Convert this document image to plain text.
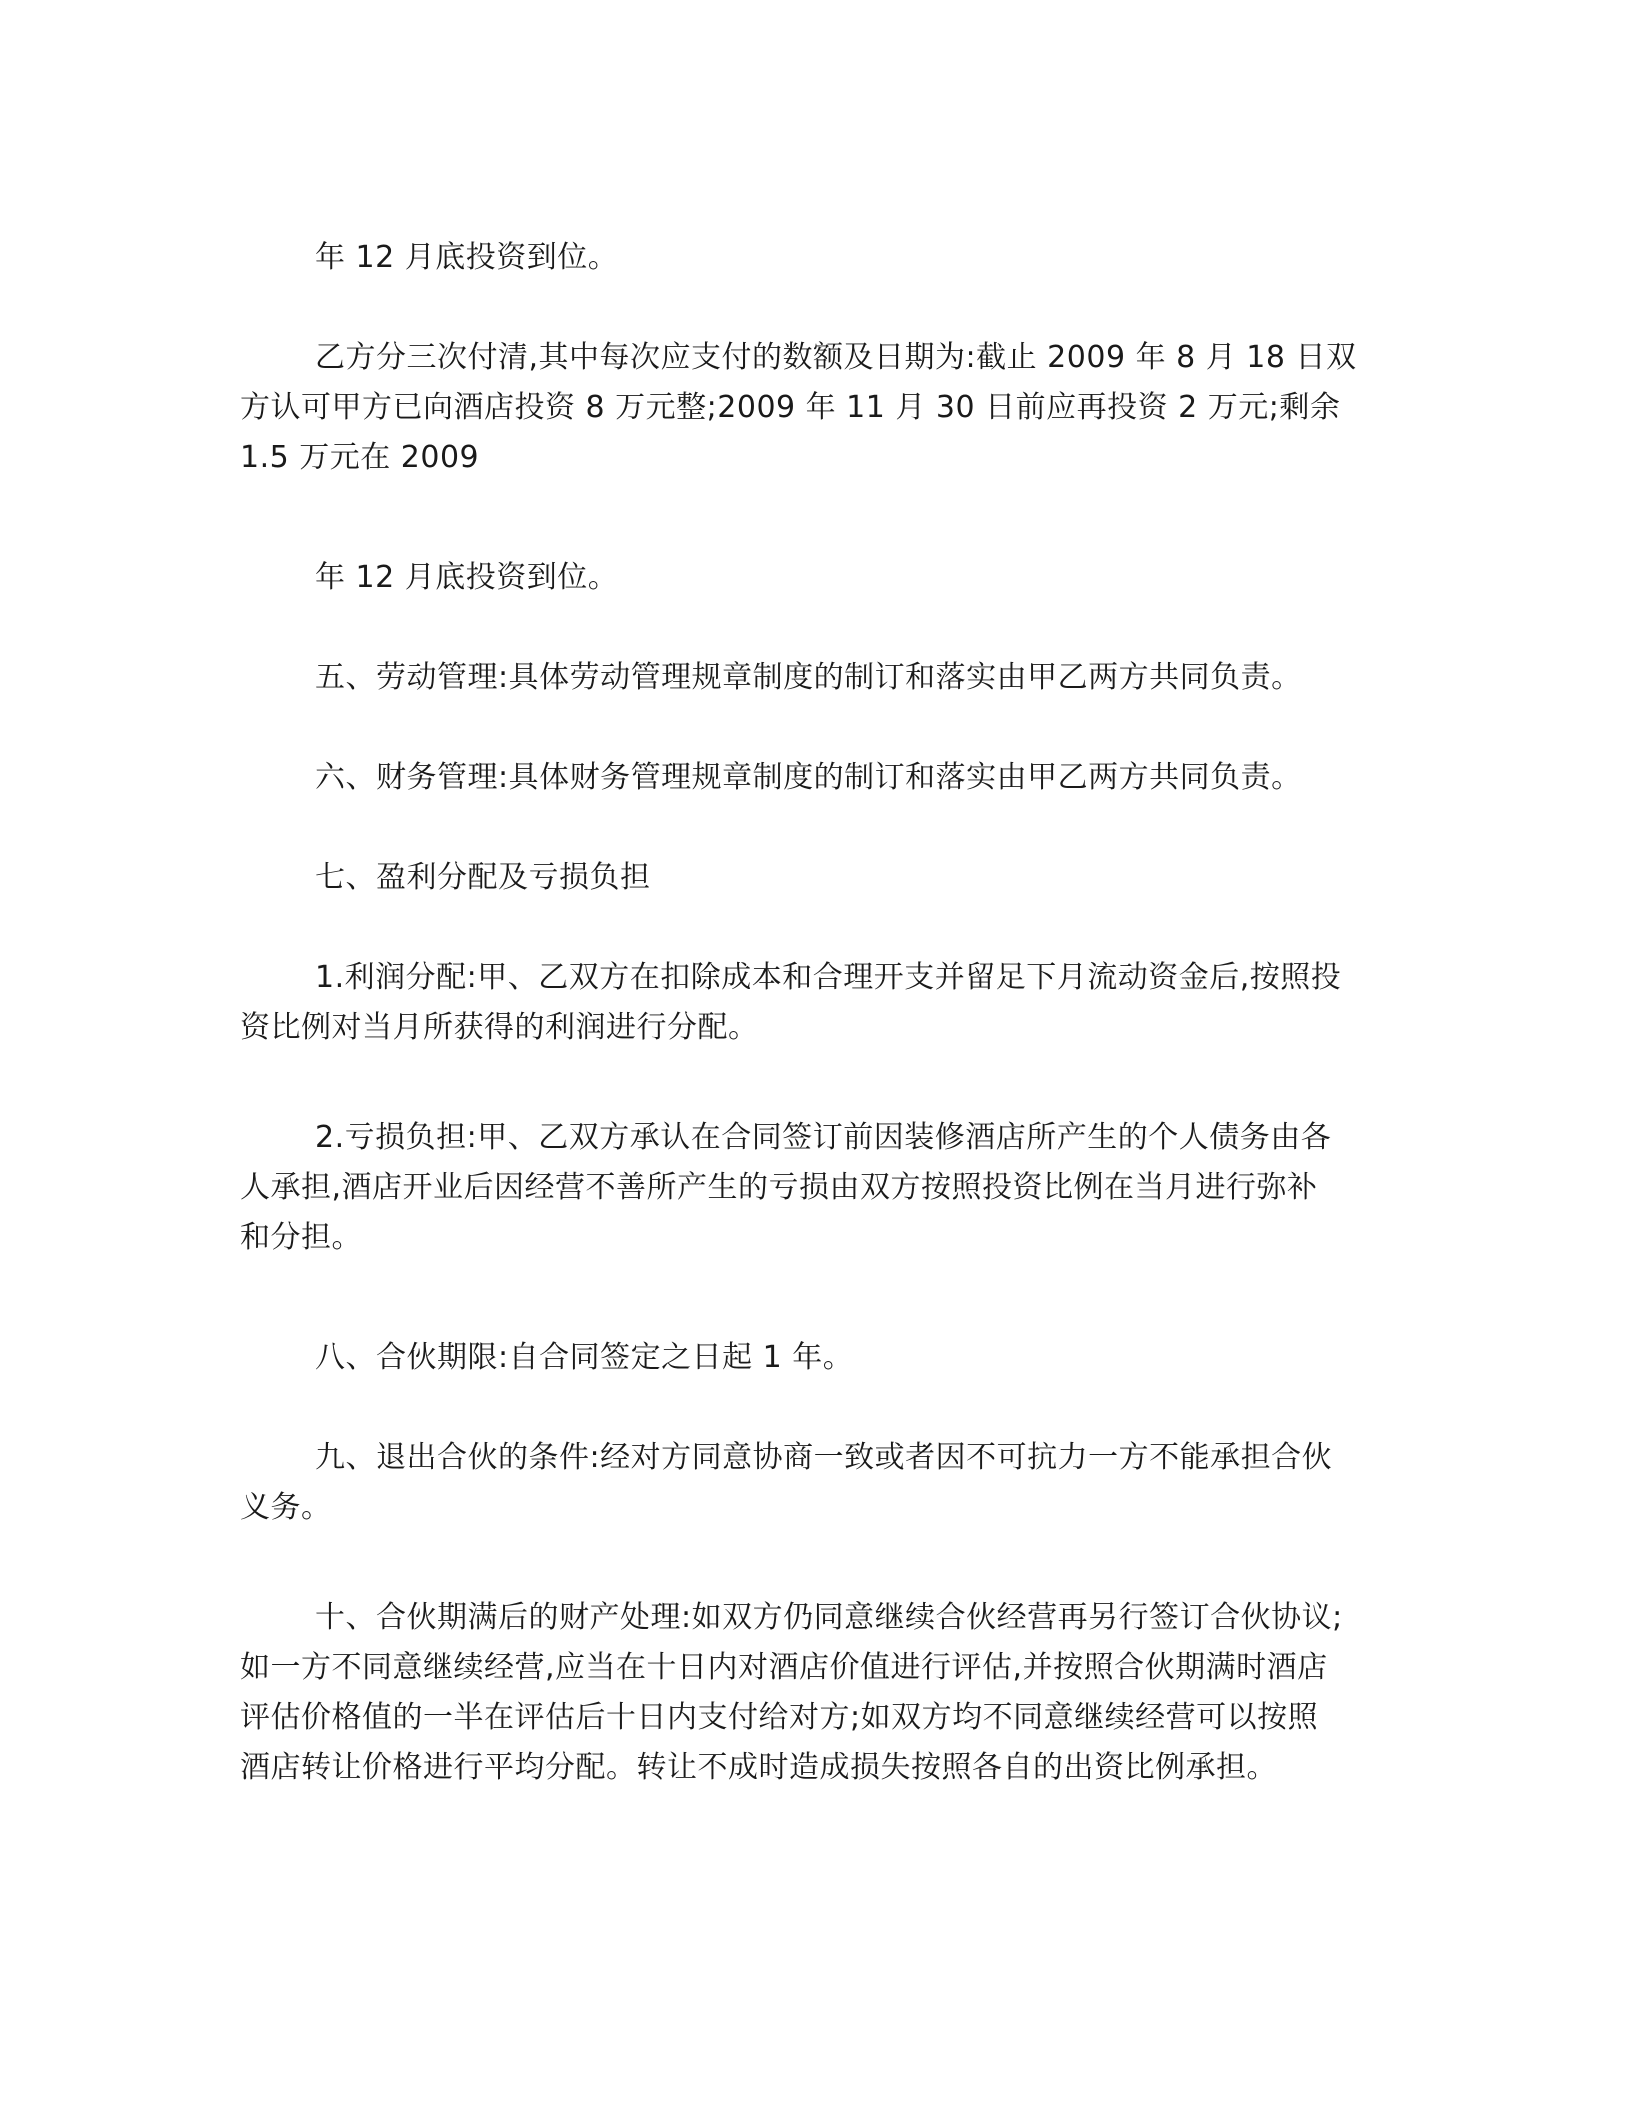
年 12 月底投资到位。

乙方分三次付清,其中每次应支付的数额及日期为:截止 2009 年 8 月 18 日双
方认可甲方已向酒店投资 8 万元整;2009 年 11 月 30 日前应再投资 2 万元;剩余
1.5 万元在 2009

年 12 月底投资到位。

五、劳动管理:具体劳动管理规章制度的制订和落实由甲乙两方共同负责。

六、财务管理:具体财务管理规章制度的制订和落实由甲乙两方共同负责。

七、盈利分配及亏损负担

1.利润分配:甲、乙双方在扣除成本和合理开支并留足下月流动资金后,按照投
资比例对当月所获得的利润进行分配。

2.亏损负担:甲、乙双方承认在合同签订前因装修酒店所产生的个人债务由各
人承担,酒店开业后因经营不善所产生的亏损由双方按照投资比例在当月进行弥补
和分担。

八、合伙期限:自合同签定之日起 1 年。

九、退出合伙的条件:经对方同意协商一致或者因不可抗力一方不能承担合伙
义务。

十、合伙期满后的财产处理:如双方仍同意继续合伙经营再另行签订合伙协议;
如一方不同意继续经营,应当在十日内对酒店价值进行评估,并按照合伙期满时酒店
评估价格值的一半在评估后十日内支付给对方;如双方均不同意继续经营可以按照
酒店转让价格进行平均分配。转让不成时造成损失按照各自的出资比例承担。
